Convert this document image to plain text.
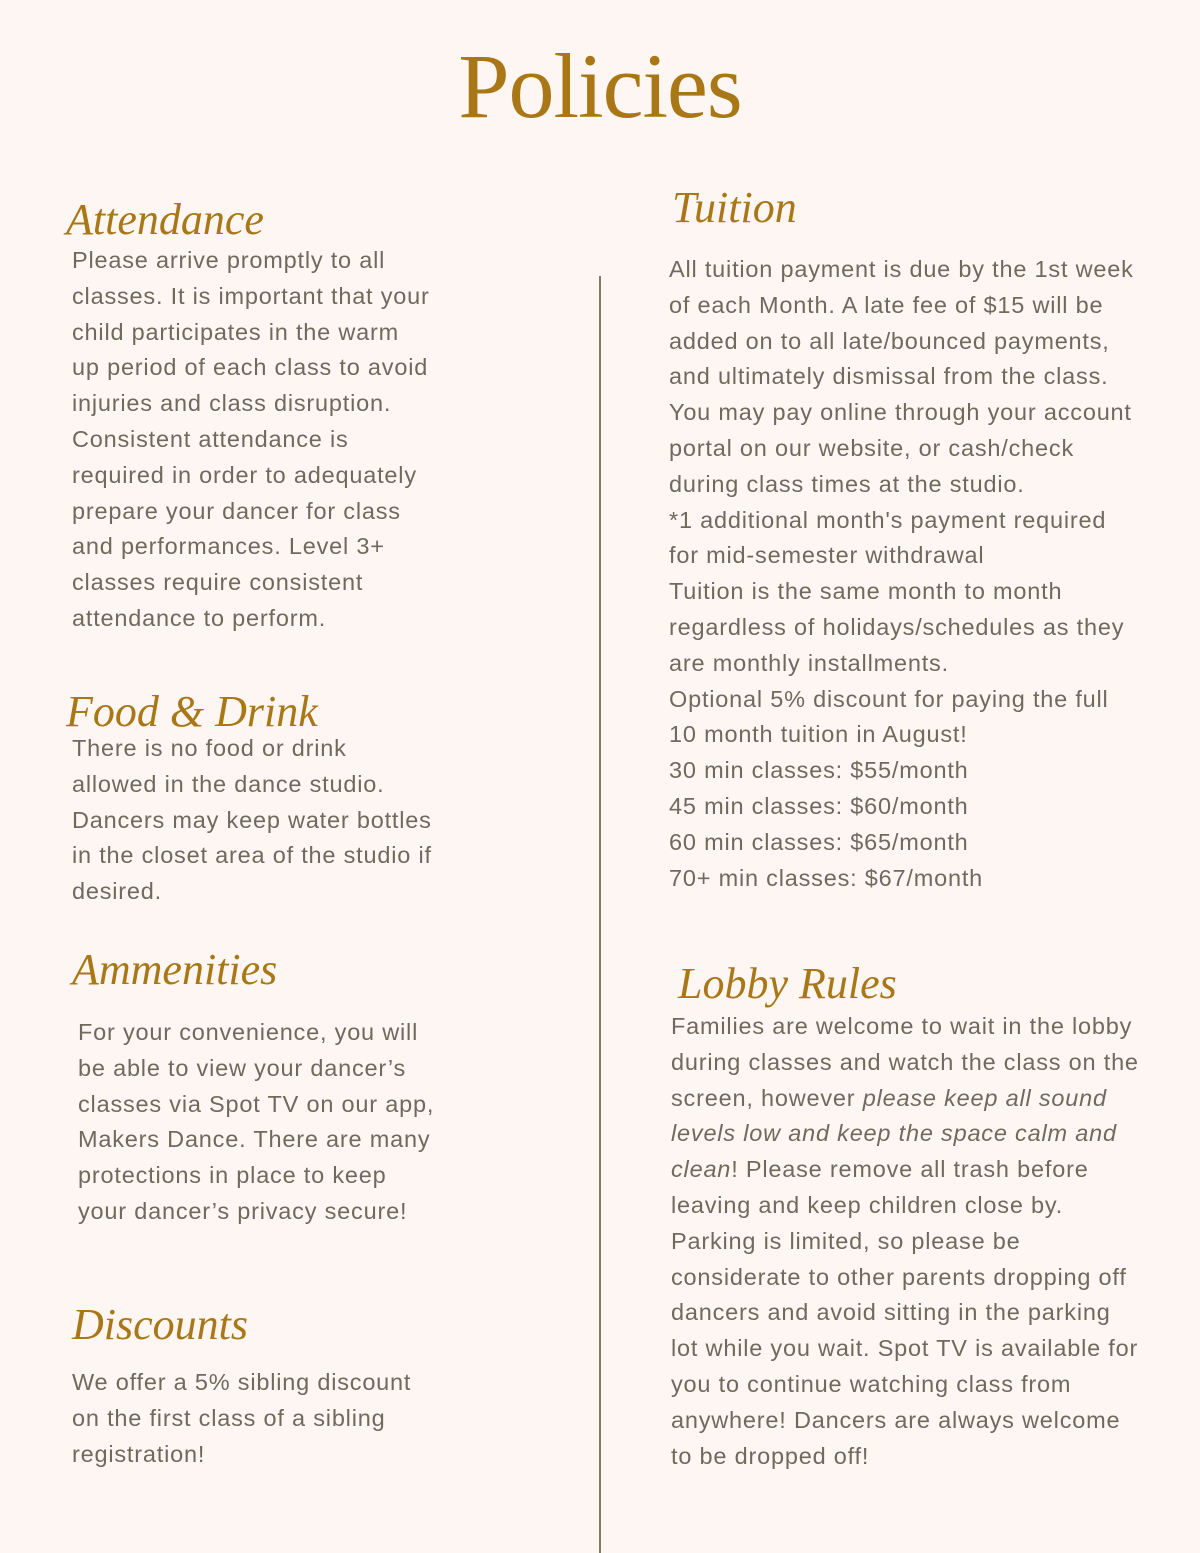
Policies
Attendance
Please arrive promptly to all classes. It is important that your child participates in the warm up period of each class to avoid injuries and class disruption. Consistent attendance is required in order to adequately prepare your dancer for class and performances. Level 3+ classes require consistent attendance to perform.
Food & Drink
There is no food or drink allowed in the dance studio. Dancers may keep water bottles in the closet area of the studio if desired.
Ammenities
For your convenience, you will be able to view your dancer’s classes via Spot TV on our app, Makers Dance. There are many protections in place to keep your dancer’s privacy secure!
Discounts
We offer a 5% sibling discount on the first class of a sibling registration!
Tuition

All tuition payment is due by the 1st week of each Month. A late fee of $15 will be added on to all late/bounced payments, and ultimately dismissal from the class. You may pay online through your account portal on our website, or cash/check during class times at the studio.

*1 additional month's payment required for mid-semester withdrawal

Tuition is the same month to month regardless of holidays/schedules as they are monthly installments.

Optional 5% discount for paying the full 10 month tuition in August!

30 min classes: $55/month

45 min classes: $60/month

60 min classes: $65/month

70+ min classes: $67/month

Lobby Rules
Families are welcome to wait in the lobby during classes and watch the class on the screen, however please keep all sound levels low and keep the space calm and clean! Please remove all trash before leaving and keep children close by. Parking is limited, so please be considerate to other parents dropping off dancers and avoid sitting in the parking lot while you wait. Spot TV is available for you to continue watching class from anywhere! Dancers are always welcome to be dropped off!
